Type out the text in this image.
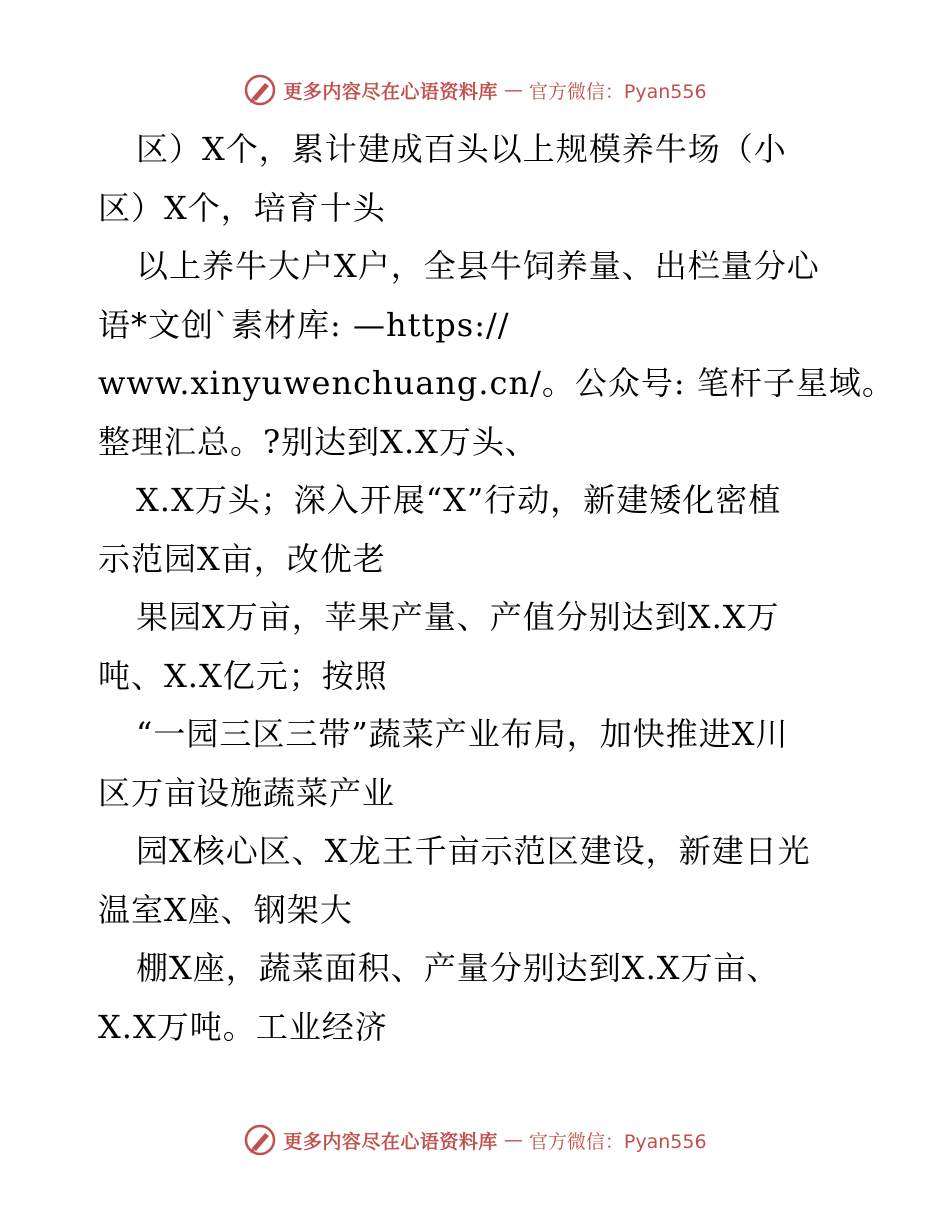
更多内容尽在心语资料库 — 官方微信：Pyan556
区）X个，累计建成百头以上规模养牛场（小
区）X个，培育十头
以上养牛大户X户，全县牛饲养量、出栏量分心
语*文创`素材库: —https://
www.xinyuwenchuang.cn/。公众号: 笔杆子星域。
整理汇总。?别达到X.X万头、
X.X万头；深入开展“X”行动，新建矮化密植
示范园X亩，改优老
果园X万亩，苹果产量、产值分别达到X.X万
吨、X.X亿元；按照
“一园三区三带”蔬菜产业布局，加快推进X川
区万亩设施蔬菜产业
园X核心区、X龙王千亩示范区建设，新建日光
温室X座、钢架大
棚X座，蔬菜面积、产量分别达到X.X万亩、
X.X万吨。工业经济
更多内容尽在心语资料库 — 官方微信：Pyan556
